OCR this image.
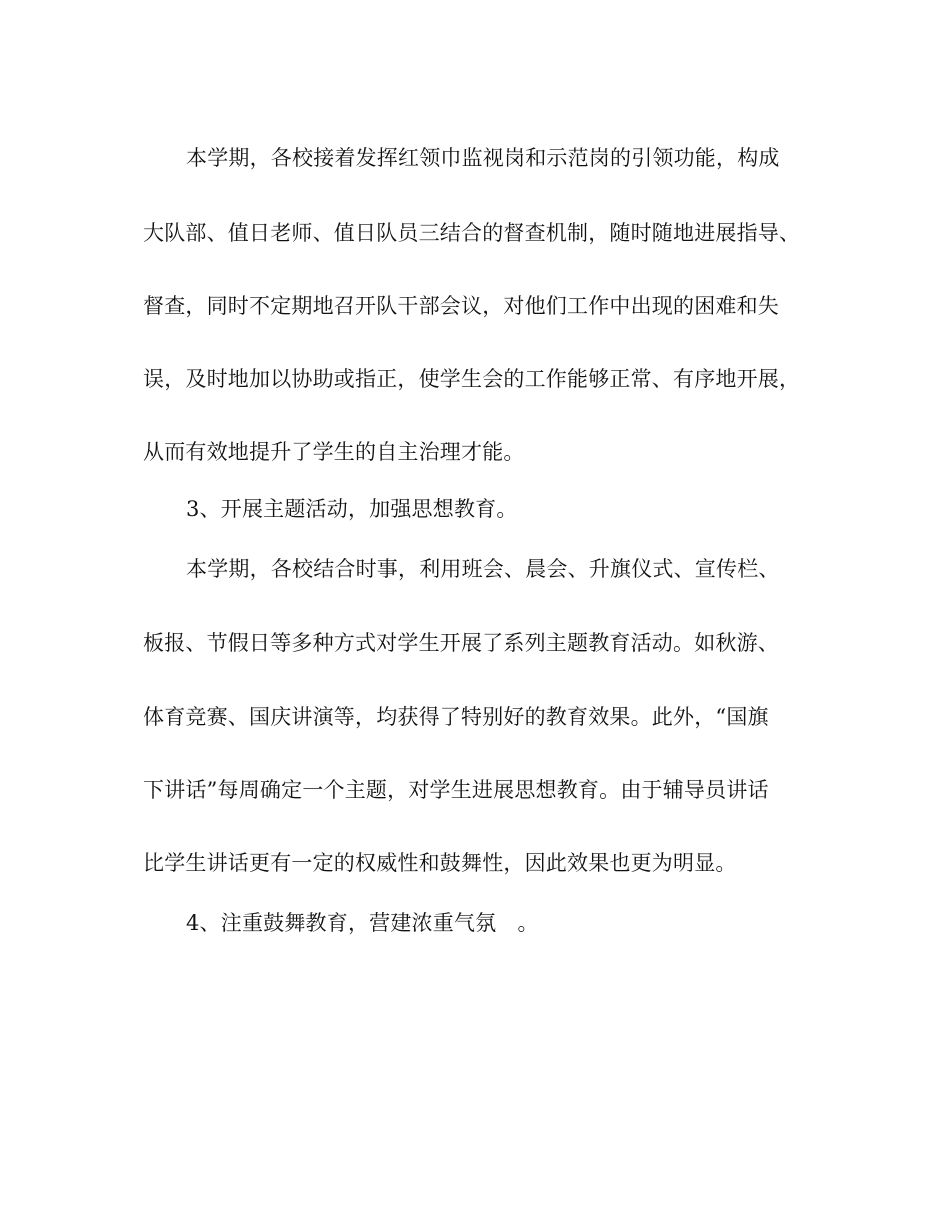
本学期，各校接着发挥红领巾监视岗和示范岗的引领功能，构成
大队部、值日老师、值日队员三结合的督查机制，随时随地进展指导、
督查，同时不定期地召开队干部会议，对他们工作中出现的困难和失
误，及时地加以协助或指正，使学生会的工作能够正常、有序地开展，
从而有效地提升了学生的自主治理才能。
3、开展主题活动，加强思想教育。
本学期，各校结合时事，利用班会、晨会、升旗仪式、宣传栏、
板报、节假日等多种方式对学生开展了系列主题教育活动。如秋游、
体育竞赛、国庆讲演等，均获得了特别好的教育效果。此外，“国旗
下讲话”每周确定一个主题，对学生进展思想教育。由于辅导员讲话
比学生讲话更有一定的权威性和鼓舞性，因此效果也更为明显。
4、注重鼓舞教育，营建浓重气氛　。
